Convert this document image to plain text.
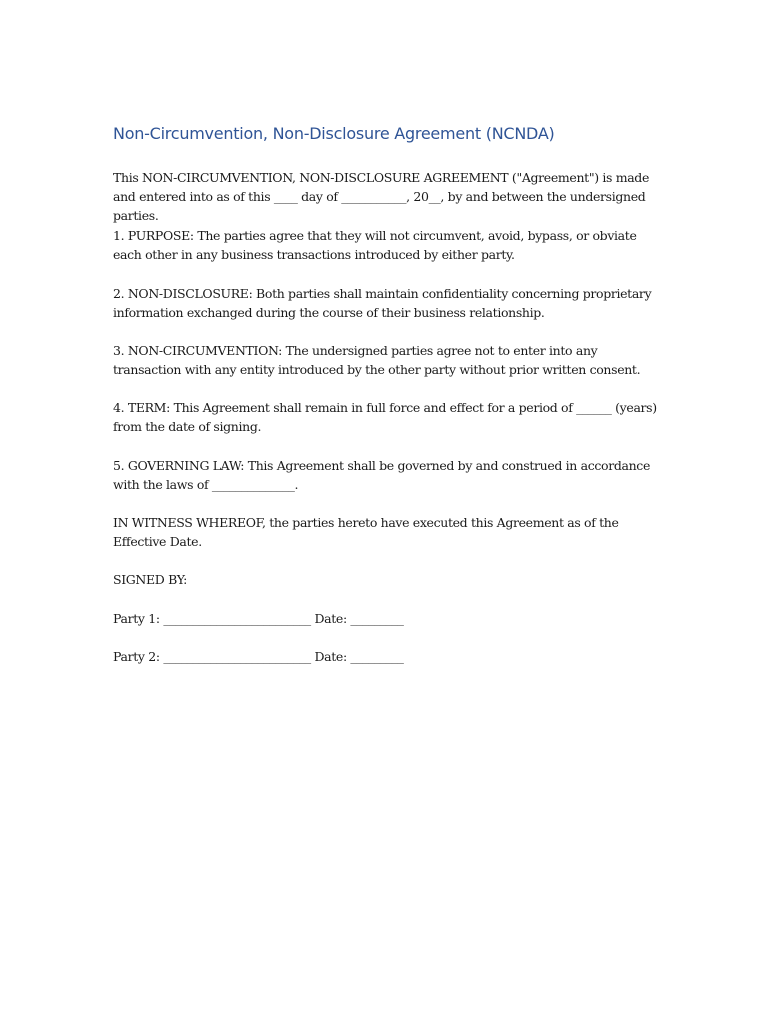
Non-Circumvention, Non-Disclosure Agreement (NCNDA)

This NON-CIRCUMVENTION, NON-DISCLOSURE AGREEMENT ("Agreement") is made and entered into as of this ____ day of ___________, 20__, by and between the undersigned parties.

1. PURPOSE: The parties agree that they will not circumvent, avoid, bypass, or obviate each other in any business transactions introduced by either party.

2. NON-DISCLOSURE: Both parties shall maintain confidentiality concerning proprietary information exchanged during the course of their business relationship.

3. NON-CIRCUMVENTION: The undersigned parties agree not to enter into any transaction with any entity introduced by the other party without prior written consent.

4. TERM: This Agreement shall remain in full force and effect for a period of ______ (years) from the date of signing.

5. GOVERNING LAW: This Agreement shall be governed by and construed in accordance with the laws of ______________.

IN WITNESS WHEREOF, the parties hereto have executed this Agreement as of the Effective Date.

SIGNED BY:

Party 1: _________________________ Date: _________

Party 2: _________________________ Date: _________
